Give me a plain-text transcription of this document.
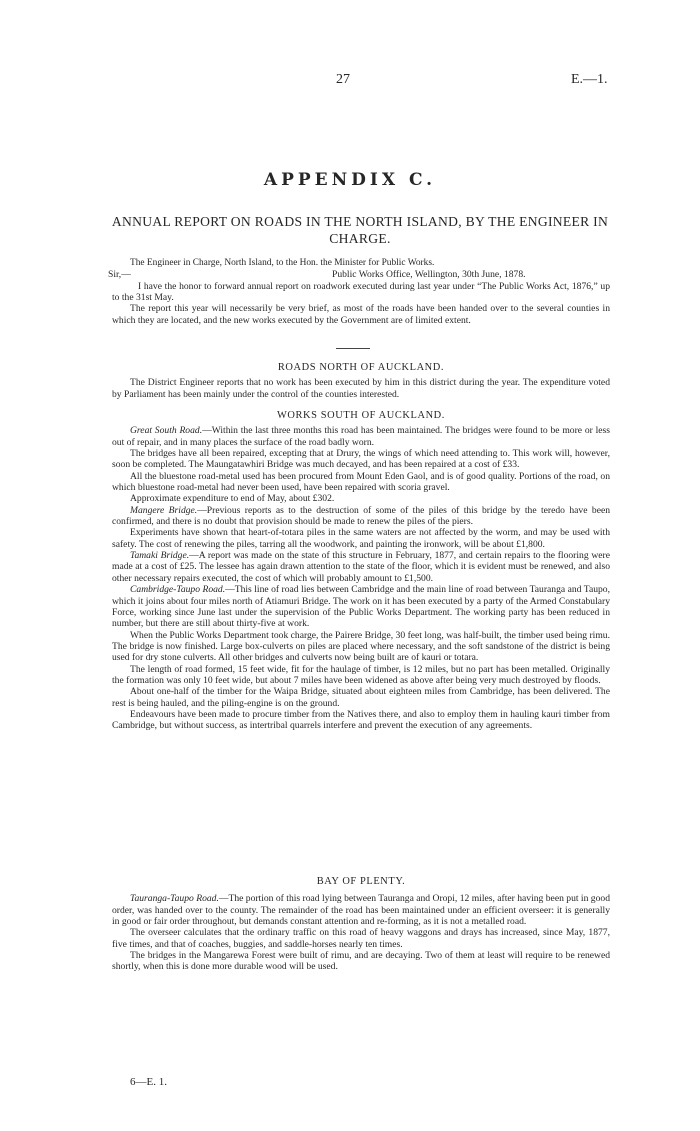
27	E.—1.
APPENDIX C.
ANNUAL REPORT ON ROADS IN THE NORTH ISLAND, BY THE ENGINEER IN CHARGE.

The Engineer in Charge, North Island, to the Hon. the Minister for Public Works.

Sir,—	Public Works Office, Wellington, 30th June, 1878.

I have the honor to forward annual report on roadwork executed during last year under “The Public Works Act, 1876,” up to the 31st May.

The report this year will necessarily be very brief, as most of the roads have been handed over to the several counties in which they are located, and the new works executed by the Government are of limited extent.

ROADS NORTH OF AUCKLAND.

The District Engineer reports that no work has been executed by him in this district during the year. The expenditure voted by Parliament has been mainly under the control of the counties interested.

WORKS SOUTH OF AUCKLAND.

Great South Road.—Within the last three months this road has been maintained. The bridges were found to be more or less out of repair, and in many places the surface of the road badly worn.

The bridges have all been repaired, excepting that at Drury, the wings of which need attending to. This work will, however, soon be completed. The Maungatawhiri Bridge was much decayed, and has been repaired at a cost of £33.

All the bluestone road-metal used has been procured from Mount Eden Gaol, and is of good quality. Portions of the road, on which bluestone road-metal had never been used, have been repaired with scoria gravel.

Approximate expenditure to end of May, about £302.

Mangere Bridge.—Previous reports as to the destruction of some of the piles of this bridge by the teredo have been confirmed, and there is no doubt that provision should be made to renew the piles of the piers.

Experiments have shown that heart-of-totara piles in the same waters are not affected by the worm, and may be used with safety. The cost of renewing the piles, tarring all the woodwork, and painting the ironwork, will be about £1,800.

Tamaki Bridge.—A report was made on the state of this structure in February, 1877, and certain repairs to the flooring were made at a cost of £25. The lessee has again drawn attention to the state of the floor, which it is evident must be renewed, and also other necessary repairs executed, the cost of which will probably amount to £1,500.

Cambridge-Taupo Road.—This line of road lies between Cambridge and the main line of road between Tauranga and Taupo, which it joins about four miles north of Atiamuri Bridge. The work on it has been executed by a party of the Armed Constabulary Force, working since June last under the supervision of the Public Works Department. The working party has been reduced in number, but there are still about thirty-five at work.

When the Public Works Department took charge, the Pairere Bridge, 30 feet long, was half-built, the timber used being rimu. The bridge is now finished. Large box-culverts on piles are placed where necessary, and the soft sandstone of the district is being used for dry stone culverts. All other bridges and culverts now being built are of kauri or totara.

The length of road formed, 15 feet wide, fit for the haulage of timber, is 12 miles, but no part has been metalled. Originally the formation was only 10 feet wide, but about 7 miles have been widened as above after being very much destroyed by floods.

About one-half of the timber for the Waipa Bridge, situated about eighteen miles from Cambridge, has been delivered. The rest is being hauled, and the piling-engine is on the ground.

Endeavours have been made to procure timber from the Natives there, and also to employ them in hauling kauri timber from Cambridge, but without success, as intertribal quarrels interfere and prevent the execution of any agreements.

BAY OF PLENTY.

Tauranga-Taupo Road.—The portion of this road lying between Tauranga and Oropi, 12 miles, after having been put in good order, was handed over to the county. The remainder of the road has been maintained under an efficient overseer: it is generally in good or fair order throughout, but demands constant attention and re-forming, as it is not a metalled road.

The overseer calculates that the ordinary traffic on this road of heavy waggons and drays has increased, since May, 1877, five times, and that of coaches, buggies, and saddle-horses nearly ten times.

The bridges in the Mangarewa Forest were built of rimu, and are decaying. Two of them at least will require to be renewed shortly, when this is done more durable wood will be used.

6—E. 1.
